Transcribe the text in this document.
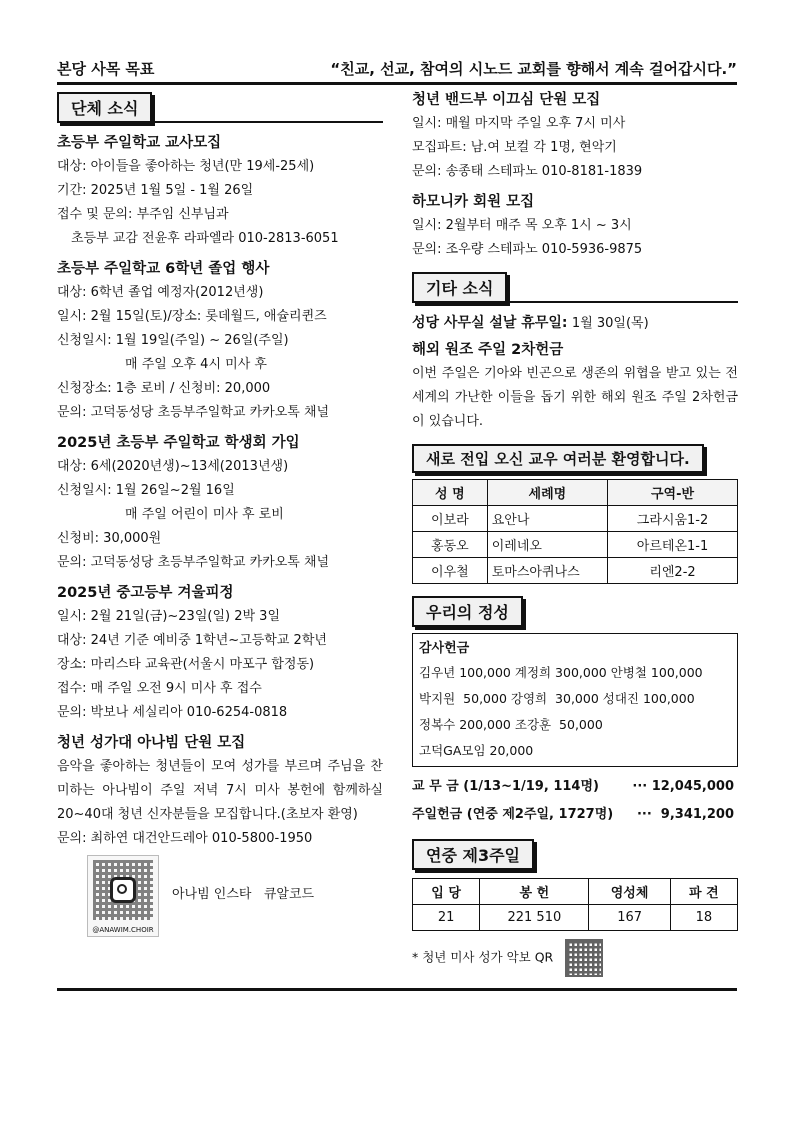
본당 사목 목표	“친교, 선교, 참여의 시노드 교회를 향해서 계속 걸어갑시다.”
단체 소식
초등부 주일학교 교사모집
대상: 아이들을 좋아하는 청년(만 19세-25세)
기간: 2025년 1월 5일 - 1월 26일
접수 및 문의: 부주임 신부님과
초등부 교감 전윤후 라파엘라 010-2813-6051
초등부 주일학교 6학년 졸업 행사
대상: 6학년 졸업 예정자(2012년생)
일시: 2월 15일(토)/장소: 롯데월드, 애슐리퀸즈
신청일시: 1월 19일(주일) ~ 26일(주일)
매 주일 오후 4시 미사 후
신청장소: 1층 로비 / 신청비: 20,000
문의: 고덕동성당 초등부주일학교 카카오톡 채널
2025년 초등부 주일학교 학생회 가입
대상: 6세(2020년생)~13세(2013년생)
신청일시: 1월 26일~2월 16일
매 주일 어린이 미사 후 로비
신청비: 30,000원
문의: 고덕동성당 초등부주일학교 카카오톡 채널
2025년 중고등부 겨울피정
일시: 2월 21일(금)~23일(일) 2박 3일
대상: 24년 기준 예비중 1학년~고등학교 2학년
장소: 마리스타 교육관(서울시 마포구 합정동)
접수: 매 주일 오전 9시 미사 후 접수
문의: 박보나 세실리아 010-6254-0818
청년 성가대 아나빔 단원 모집
음악을 좋아하는 청년들이 모여 성가를 부르며 주님을 찬미하는 아나빔이 주일 저녁 7시 미사 봉헌에 함께하실 20~40대 청년 신자분들을 모집합니다.(초보자 환영)
문의: 최하연 대건안드레아 010-5800-1950
@ANAWIM.CHOIR
아나빔 인스타   큐알코드
청년 밴드부 이끄심 단원 모집
일시: 매월 마지막 주일 오후 7시 미사
모집파트: 남.여 보컬 각 1명, 현악기
문의: 송종태 스테파노 010-8181-1839
하모니카 회원 모집
일시: 2월부터 매주 목 오후 1시 ~ 3시
문의: 조우량 스테파노 010-5936-9875
기타 소식
성당 사무실 설날 휴무일: 1월 30일(목)
해외 원조 주일 2차헌금
이번 주일은 기아와 빈곤으로 생존의 위협을 받고 있는 전세계의 가난한 이들을 돕기 위한 해외 원조 주일 2차헌금이 있습니다.
새로 전입 오신 교우 여러분 환영합니다.
성 명	세례명	구역-반
이보라	요안나	그라시움1-2
홍동오	이레네오	아르테온1-1
이우철	토마스아퀴나스	리엔2-2
우리의 정성
감사헌금
김우년 100,000 계정희 300,000 안병철 100,000
박지원  50,000 강영희  30,000 성대진 100,000
정복수 200,000 조강훈  50,000
고덕GA모임 20,000
교 무 금 (1/13~1/19, 114명)	··· 12,045,000
주일헌금 (연중 제2주일, 1727명) ···  9,341,200
연중 제3주일
입 당	봉 헌	영성체	파 견
21	221 510	167	18
* 청년 미사 성가 악보 QR
